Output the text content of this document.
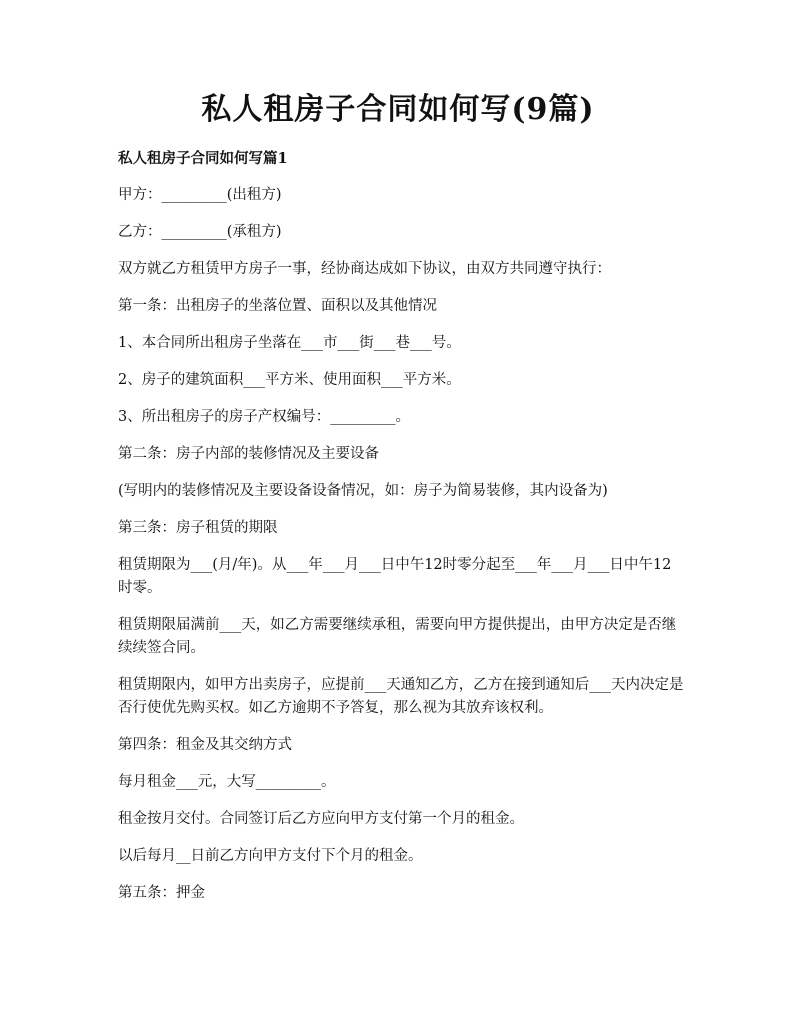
私人租房子合同如何写(9篇)

私人租房子合同如何写篇1

甲方：_________(出租方)

乙方：_________(承租方)

双方就乙方租赁甲方房子一事，经协商达成如下协议，由双方共同遵守执行：

第一条：出租房子的坐落位置、面积以及其他情况

1、本合同所出租房子坐落在___市___街___巷___号。

2、房子的建筑面积___平方米、使用面积___平方米。

3、所出租房子的房子产权编号：_________。

第二条：房子内部的装修情况及主要设备

(写明内的装修情况及主要设备设备情况，如：房子为简易装修，其内设备为)

第三条：房子租赁的期限

租赁期限为___(月/年)。从___年___月___日中午12时零分起至___年___月___日中午12时零。

租赁期限届满前___天，如乙方需要继续承租，需要向甲方提供提出，由甲方决定是否继续续签合同。

租赁期限内，如甲方出卖房子，应提前___天通知乙方，乙方在接到通知后___天内决定是否行使优先购买权。如乙方逾期不予答复，那么视为其放弃该权利。

第四条：租金及其交纳方式

每月租金___元，大写_________。

租金按月交付。合同签订后乙方应向甲方支付第一个月的租金。

以后每月__日前乙方向甲方支付下个月的租金。

第五条：押金
